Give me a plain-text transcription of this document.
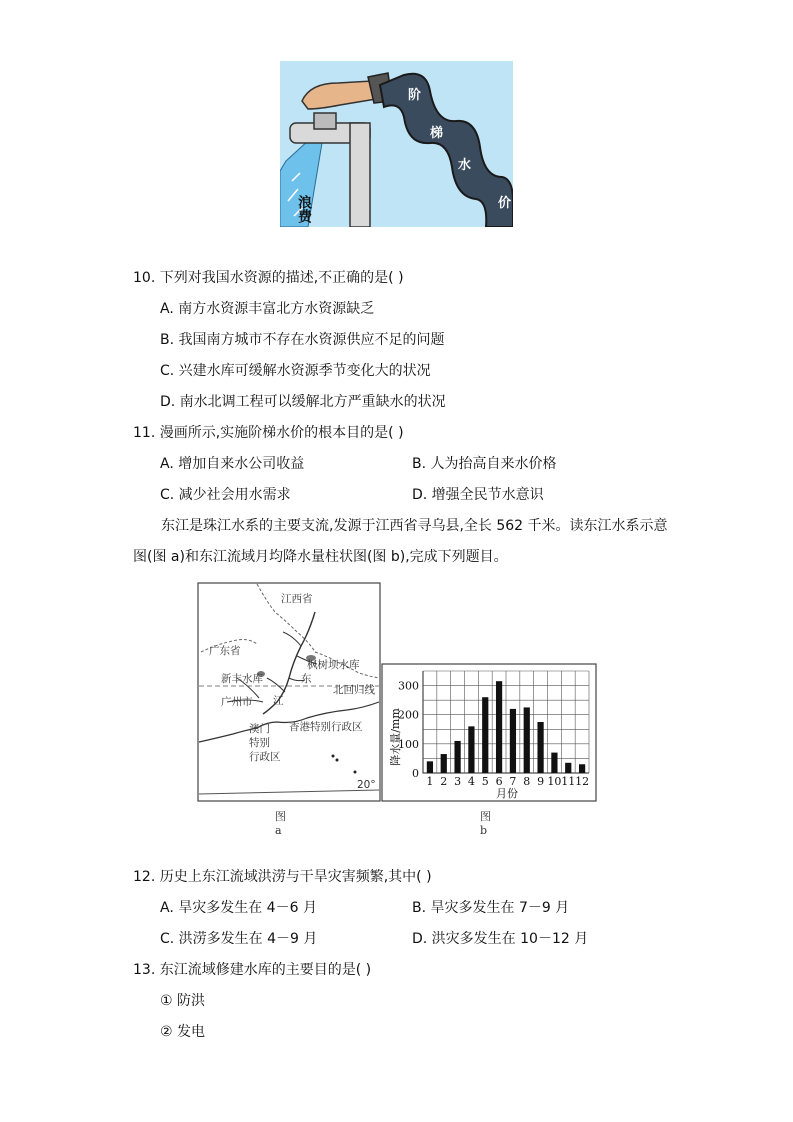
浪费
阶
梯
水
价
10. 下列对我国水资源的描述,不正确的是( )
A. 南方水资源丰富北方水资源缺乏
B. 我国南方城市不存在水资源供应不足的问题
C. 兴建水库可缓解水资源季节变化大的状况
D. 南水北调工程可以缓解北方严重缺水的状况
11. 漫画所示,实施阶梯水价的根本目的是( )
A. 增加自来水公司收益	B. 人为抬高自来水价格
C. 减少社会用水需求	D. 增强全民节水意识
东江是珠江水系的主要支流,发源于江西省寻乌县,全长 562 千米。读东江水系示意
图(图 a)和东江流域月均降水量柱状图(图 b),完成下列题目。
江西省
广东省
枫树坝水库
东
新丰水库
北回归线
广州市 江
香港特别行政区
澳门
特别
行政区
20°
0
100
200
300
1 2 3 4 5 6 7 8 9 10 11 12
降水量/mm
月份
图 a
图 b
12. 历史上东江流域洪涝与干旱灾害频繁,其中( )
A. 旱灾多发生在 4－6 月	B. 旱灾多发生在 7－9 月
C. 洪涝多发生在 4－9 月	D. 洪灾多发生在 10－12 月
13. 东江流域修建水库的主要目的是( )
① 防洪
② 发电
